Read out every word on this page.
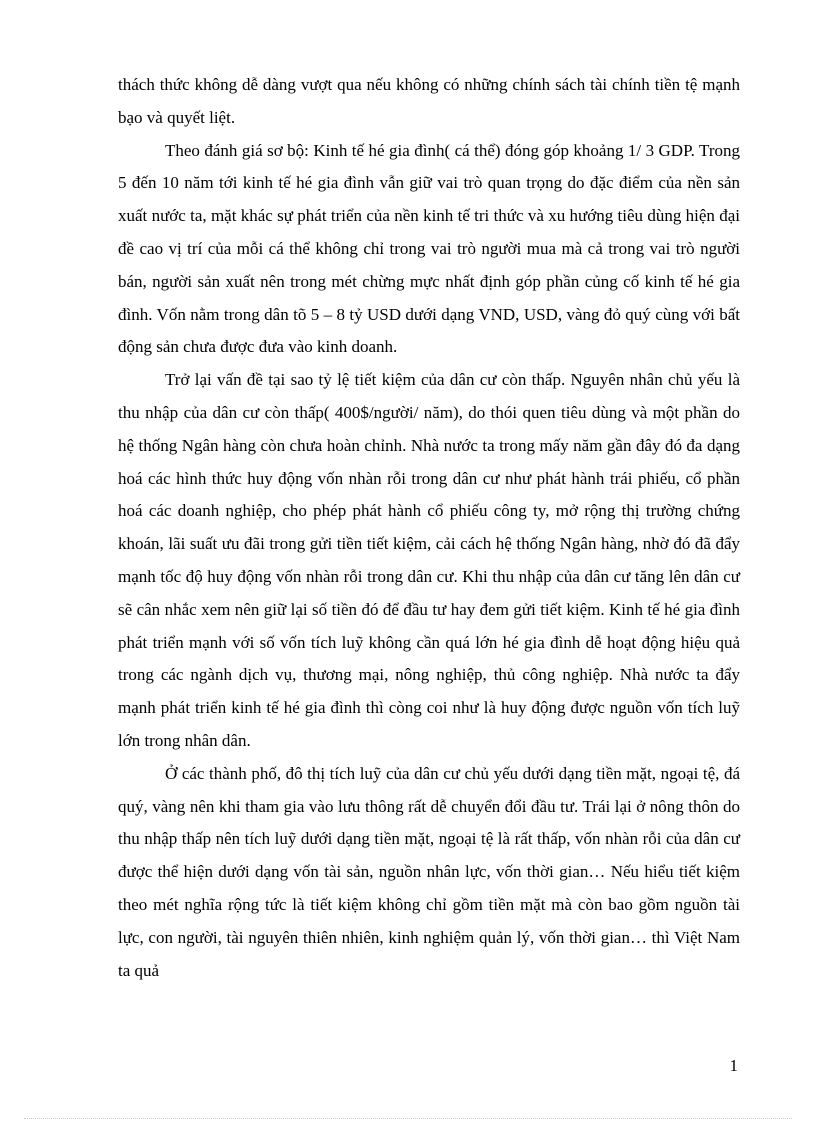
thách thức không dễ dàng vượt qua nếu không có những chính sách tài chính tiền tệ mạnh bạo và quyết liệt.

Theo đánh giá sơ bộ: Kinh tế hé gia đình( cá thể) đóng góp khoảng 1/ 3 GDP. Trong 5 đến 10 năm tới kinh tế hé gia đình vẫn giữ vai trò quan trọng do đặc điểm của nền sản xuất nước ta, mặt khác sự phát triển của nền kinh tế tri thức và xu hướng tiêu dùng hiện đại đề cao vị trí của mỗi cá thể không chỉ trong vai trò người mua mà cả trong vai trò người bán, người sản xuất nên trong mét chừng mực nhất định góp phần củng cố kinh tế hé gia đình. Vốn nằm trong dân tõ 5 – 8 tỷ USD dưới dạng VND, USD, vàng đỏ quý cùng với bất động sản chưa được đưa vào kinh doanh.

Trở lại vấn đề tại sao tỷ lệ tiết kiệm của dân cư còn thấp. Nguyên nhân chủ yếu là thu nhập của dân cư còn thấp( 400$/người/ năm), do thói quen tiêu dùng và một phần do hệ thống Ngân hàng còn chưa hoàn chỉnh. Nhà nước ta trong mấy năm gần đây đó đa dạng hoá các hình thức huy động vốn nhàn rỗi trong dân cư như phát hành trái phiếu, cổ phần hoá các doanh nghiệp, cho phép phát hành cổ phiếu công ty, mở rộng thị trường chứng khoán, lãi suất ưu đãi trong gửi tiền tiết kiệm, cải cách hệ thống Ngân hàng, nhờ đó đã đẩy mạnh tốc độ huy động vốn nhàn rỗi trong dân cư. Khi thu nhập của dân cư tăng lên dân cư sẽ cân nhắc xem nên giữ lại số tiền đó để đầu tư hay đem gửi tiết kiệm. Kinh tế hé gia đình phát triển mạnh với số vốn tích luỹ không cần quá lớn hé gia đình dễ hoạt động hiệu quả trong các ngành dịch vụ, thương mại, nông nghiệp, thủ công nghiệp. Nhà nước ta đẩy mạnh phát triển kinh tế hé gia đình thì còng coi như là huy động được nguồn vốn tích luỹ lớn trong nhân dân.

Ở các thành phố, đô thị tích luỹ của dân cư chủ yếu dưới dạng tiền mặt, ngoại tệ, đá quý, vàng nên khi tham gia vào lưu thông rất dễ chuyển đổi đầu tư. Trái lại ở nông thôn do thu nhập thấp nên tích luỹ dưới dạng tiền mặt, ngoại tệ là rất thấp, vốn nhàn rỗi của dân cư được thể hiện dưới dạng vốn tài sản, nguồn nhân lực, vốn thời gian… Nếu hiểu tiết kiệm theo mét nghĩa rộng tức là tiết kiệm không chỉ gồm tiền mặt mà còn bao gồm nguồn tài lực, con người, tài nguyên thiên nhiên, kinh nghiệm quản lý, vốn thời gian… thì Việt Nam ta quả

1
